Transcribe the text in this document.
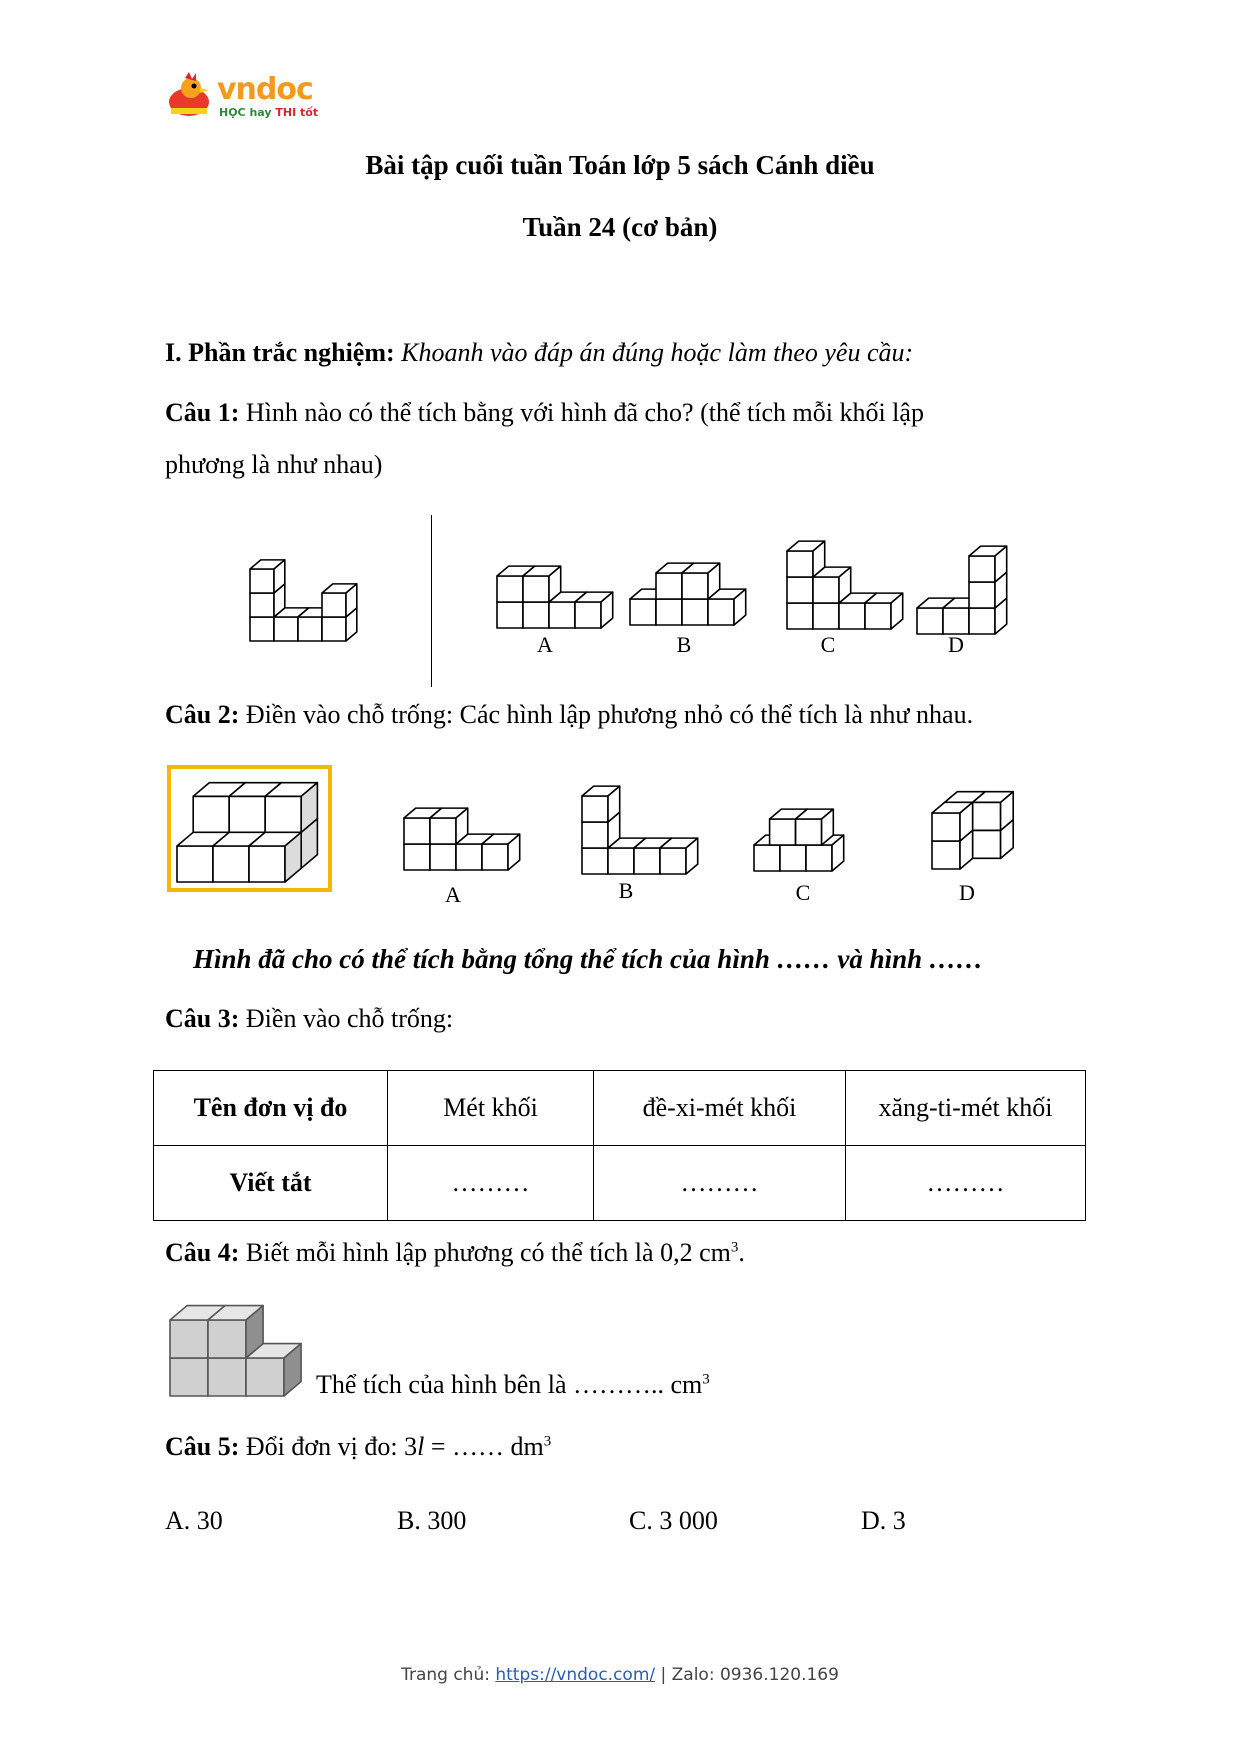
vndoc
HỌC hay THI tốt
Bài tập cuối tuần Toán lớp 5 sách Cánh diều
Tuần 24 (cơ bản)
I. Phần trắc nghiệm: Khoanh vào đáp án đúng hoặc làm theo yêu cầu:
Câu 1: Hình nào có thể tích bằng với hình đã cho? (thể tích mỗi khối lập
phương là như nhau)
A	B	C	D
Câu 2: Điền vào chỗ trống: Các hình lập phương nhỏ có thể tích là như nhau.
A	B	C	D
Hình đã cho có thể tích bằng tổng thể tích của hình …… và hình ……
Câu 3: Điền vào chỗ trống:
Tên đơn vị đo	Mét khối	đề-xi-mét khối	xăng-ti-mét khối
Viết tắt	………	………	………
Câu 4: Biết mỗi hình lập phương có thể tích là 0,2 $cm^3$.
Thể tích của hình bên là ……….. $cm^3$
Câu 5: Đổi đơn vị đo: 3l = …… $dm^3$
A. 30	B. 300	C. 3 000	D. 3
Trang chủ: https://vndoc.com/ | Zalo: 0936.120.169
